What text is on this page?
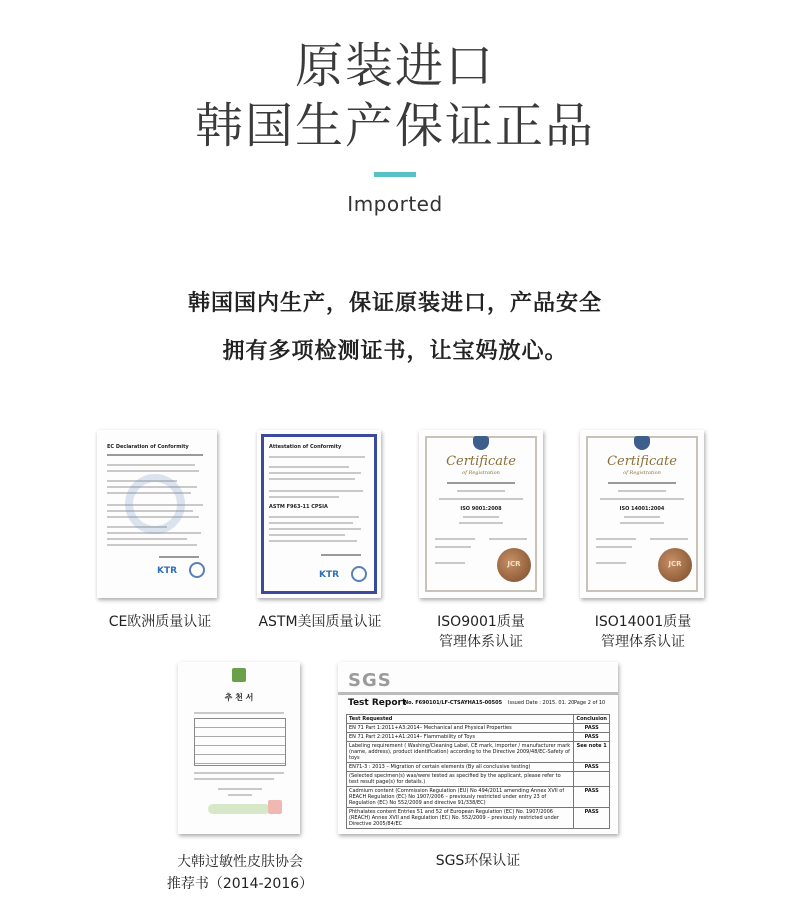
原装进口
韩国生产保证正品
Imported
韩国国内生产，保证原装进口，产品安全
拥有多项检测证书，让宝妈放心。
EC Declaration of Conformity
KTR
CE欧洲质量认证
Attestation of Conformity
ASTM F963-11 CPSIA
KTR
ASTM美国质量认证
Certificate
of Registration
ISO 9001:2008
JCR
ISO9001质量
管理体系认证
Certificate
of Registration
ISO 14001:2004
JCR
ISO14001质量
管理体系认证
추 천 서
大韩过敏性皮肤协会
推荐书（2014-2016）
SGS
Test Report
No. F690101/LF-CTSAYHA15-00505 Issued Date : 2015. 01. 20 Page 2 of 10
Test Requested	Conclusion
EN 71 Part 1:2011+A3:2014– Mechanical and Physical Properties	PASS
EN 71 Part 2:2011+A1:2014– Flammability of Toys	PASS
Labeling requirement ( Washing/Cleaning Label, CE mark, importer / manufacturer mark (name, address), product identification) according to the Directive 2009/48/EC-Safety of toys	See note 1
EN71-3 : 2013 – Migration of certain elements (By all conclusive testing)	PASS
(Selected specimen(s) was/were tested as specified by the applicant, please refer to test result page(s) for details.)	
Cadmium content (Commission Regulation (EU) No 494/2011 amending Annex XVII of REACH Regulation (EC) No 1907/2006 – previously restricted under entry 23 of Regulation (EC) No 552/2009 and directive 91/338/EC)	PASS
Phthalates content Entries 51 and 52 of European Regulation (EC) No. 1907/2006 (REACH) Annex XVII and Regulation (EC) No. 552/2009 – previously restricted under Directive 2005/84/EC	PASS
SGS环保认证
